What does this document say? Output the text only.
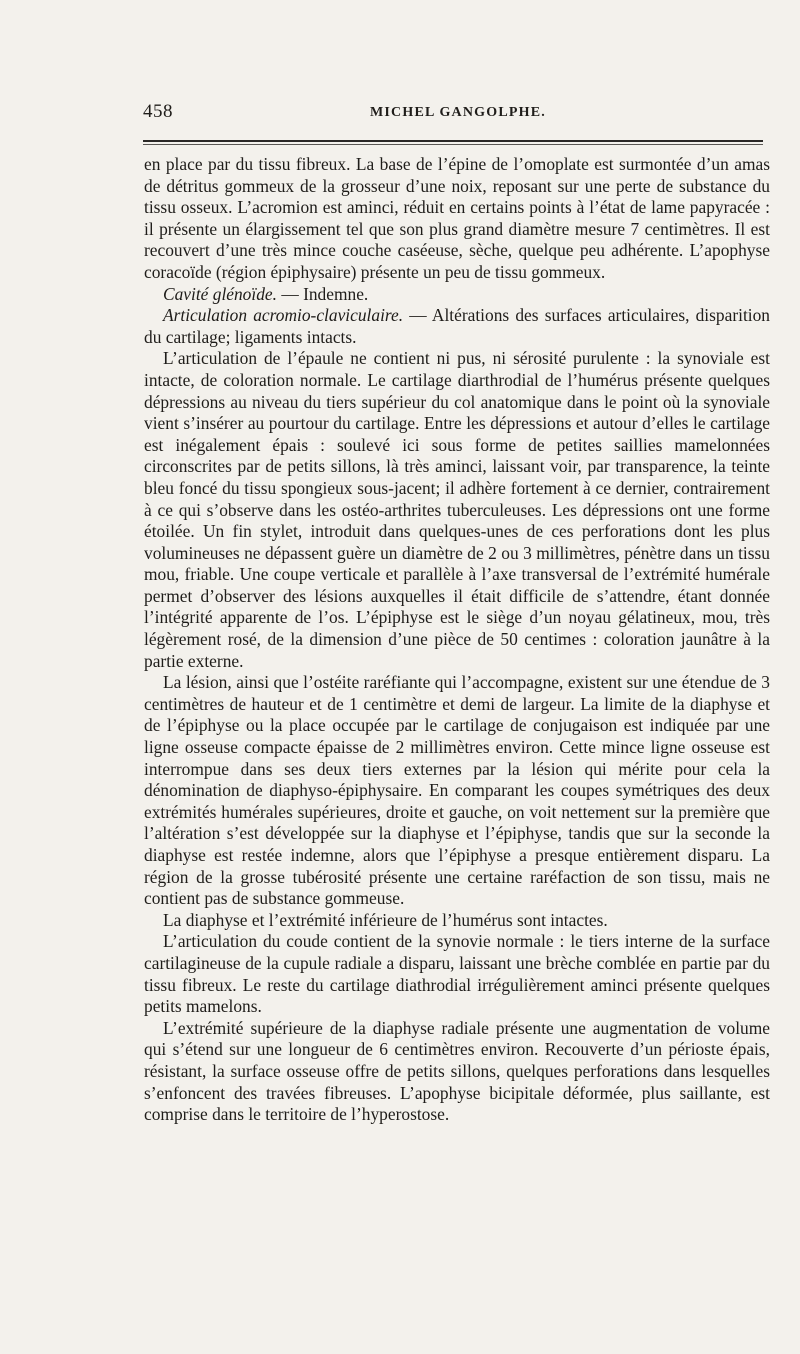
458	MICHEL GANGOLPHE.

en place par du tissu fibreux. La base de l’épine de l’omoplate est surmontée d’un amas de détritus gommeux de la grosseur d’une noix, reposant sur une perte de substance du tissu osseux. L’acromion est aminci, réduit en certains points à l’état de lame papyracée : il présente un élargissement tel que son plus grand diamètre mesure 7 centimètres. Il est recouvert d’une très mince couche caséeuse, sèche, quelque peu adhérente. L’apophyse coracoïde (région épiphysaire) présente un peu de tissu gommeux.

Cavité glénoïde. — Indemne.

Articulation acromio-claviculaire. — Altérations des surfaces articulaires, disparition du cartilage; ligaments intacts.

L’articulation de l’épaule ne contient ni pus, ni sérosité purulente : la synoviale est intacte, de coloration normale. Le cartilage diarthrodial de l’humérus présente quelques dépressions au niveau du tiers supérieur du col anatomique dans le point où la synoviale vient s’insérer au pourtour du cartilage. Entre les dépressions et autour d’elles le cartilage est inégalement épais : soulevé ici sous forme de petites saillies mamelonnées circonscrites par de petits sillons, là très aminci, laissant voir, par transparence, la teinte bleu foncé du tissu spongieux sous-jacent; il adhère fortement à ce dernier, contrairement à ce qui s’observe dans les ostéo-arthrites tuberculeuses. Les dépressions ont une forme étoilée. Un fin stylet, introduit dans quelques-unes de ces perforations dont les plus volumineuses ne dépassent guère un diamètre de 2 ou 3 millimètres, pénètre dans un tissu mou, friable. Une coupe verticale et parallèle à l’axe transversal de l’extrémité humérale permet d’observer des lésions auxquelles il était difficile de s’attendre, étant donnée l’intégrité apparente de l’os. L’épiphyse est le siège d’un noyau gélatineux, mou, très légèrement rosé, de la dimension d’une pièce de 50 centimes : coloration jaunâtre à la partie externe.

La lésion, ainsi que l’ostéite raréfiante qui l’accompagne, existent sur une étendue de 3 centimètres de hauteur et de 1 centimètre et demi de largeur. La limite de la diaphyse et de l’épiphyse ou la place occupée par le cartilage de conjugaison est indiquée par une ligne osseuse compacte épaisse de 2 millimètres environ. Cette mince ligne osseuse est interrompue dans ses deux tiers externes par la lésion qui mérite pour cela la dénomination de diaphyso-épiphysaire. En comparant les coupes symétriques des deux extrémités humérales supérieures, droite et gauche, on voit nettement sur la première que l’altération s’est développée sur la diaphyse et l’épiphyse, tandis que sur la seconde la diaphyse est restée indemne, alors que l’épiphyse a presque entièrement disparu. La région de la grosse tubérosité présente une certaine raréfaction de son tissu, mais ne contient pas de substance gommeuse.

La diaphyse et l’extrémité inférieure de l’humérus sont intactes.

L’articulation du coude contient de la synovie normale : le tiers interne de la surface cartilagineuse de la cupule radiale a disparu, laissant une brèche comblée en partie par du tissu fibreux. Le reste du cartilage diathrodial irrégulièrement aminci présente quelques petits mamelons.

L’extrémité supérieure de la diaphyse radiale présente une augmentation de volume qui s’étend sur une longueur de 6 centimètres environ. Recouverte d’un périoste épais, résistant, la surface osseuse offre de petits sillons, quelques perforations dans lesquelles s’enfoncent des travées fibreuses. L’apophyse bicipitale déformée, plus saillante, est comprise dans le territoire de l’hyperostose.
